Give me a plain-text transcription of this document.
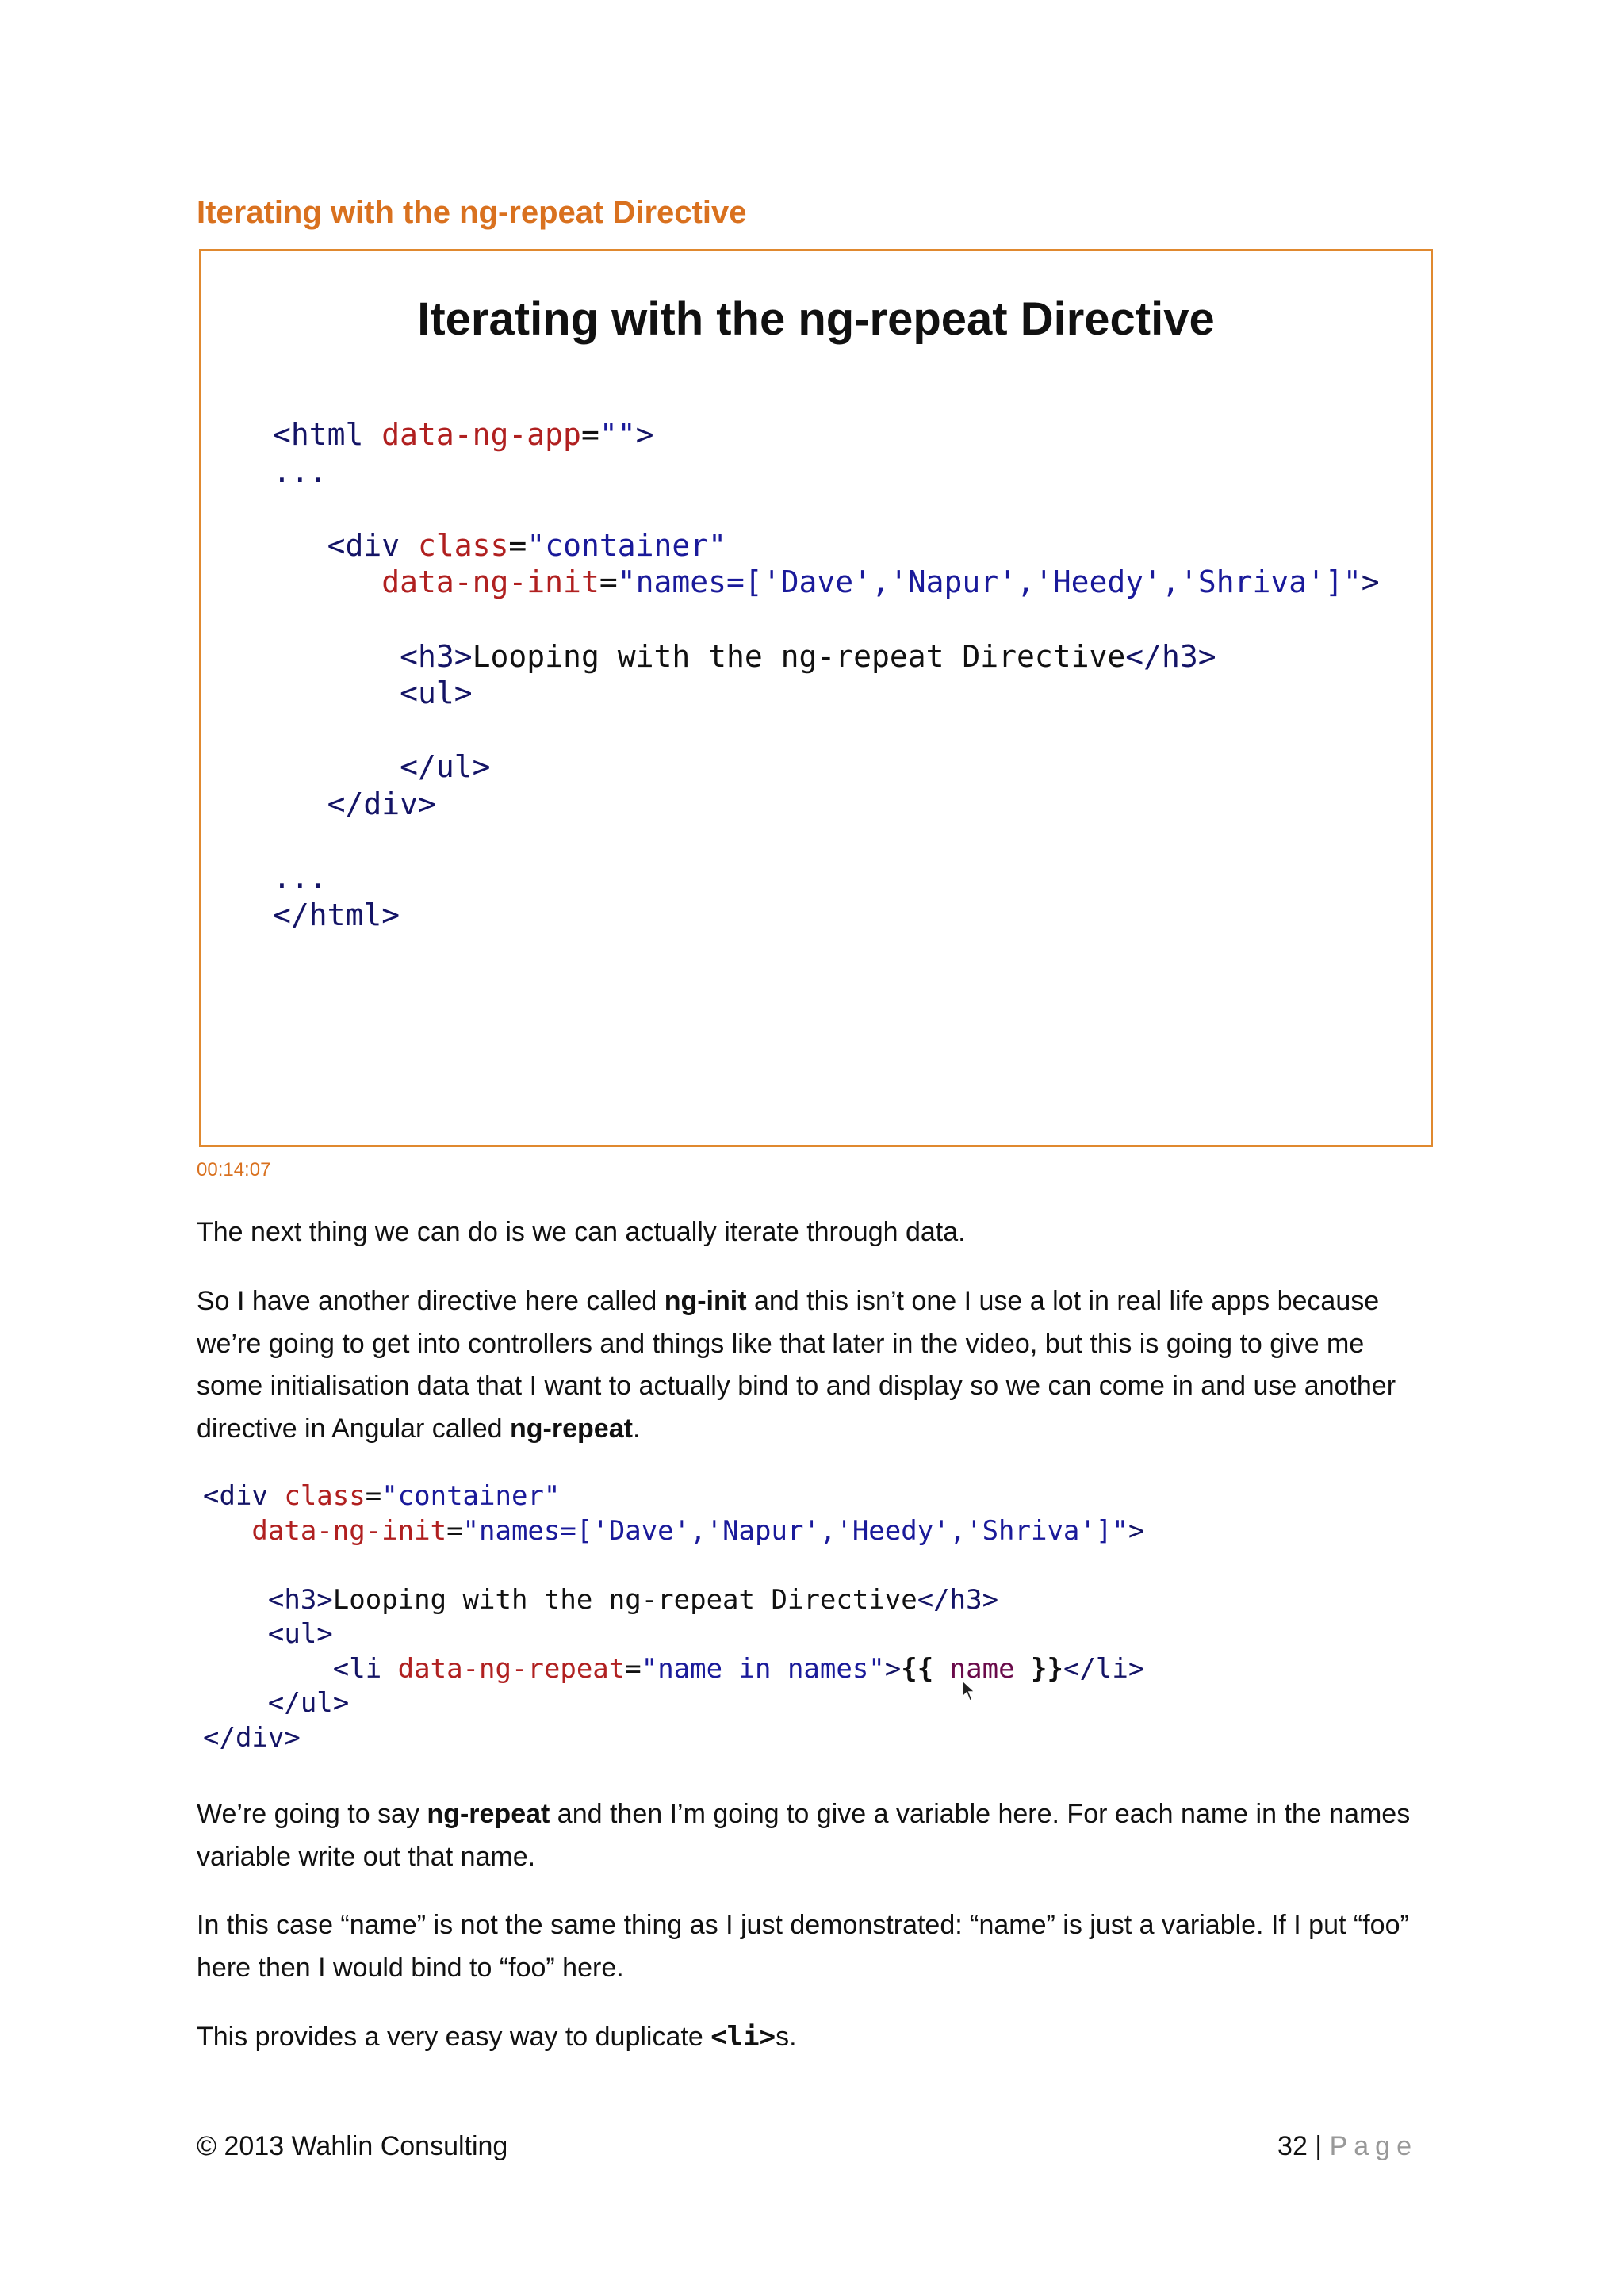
Iterating with the ng-repeat Directive
Iterating with the ng-repeat Directive
<html data-ng-app="">
...

<div class="container"
data-ng-init="names=['Dave','Napur','Heedy','Shriva']">

<h3>Looping with the ng-repeat Directive</h3>
<ul>

</ul>
</div>

...
</html>
00:14:07

The next thing we can do is we can actually iterate through data.

So I have another directive here called ng-init and this isn’t one I use a lot in real life apps because we’re going to get into controllers and things like that later in the video, but this is going to give me some initialisation data that I want to actually bind to and display so we can come in and use another directive in Angular called ng-repeat.

<div class="container"
data-ng-init="names=['Dave','Napur','Heedy','Shriva']">

<h3>Looping with the ng-repeat Directive</h3>
<ul>
<li data-ng-repeat="name in names">{{ name }}</li>
</ul>
</div>

We’re going to say ng-repeat and then I’m going to give a variable here. For each name in the names variable write out that name.

In this case “name” is not the same thing as I just demonstrated: “name” is just a variable. If I put “foo” here then I would bind to “foo” here.

This provides a very easy way to duplicate <li>s.

© 2013 Wahlin Consulting	32 | Page
